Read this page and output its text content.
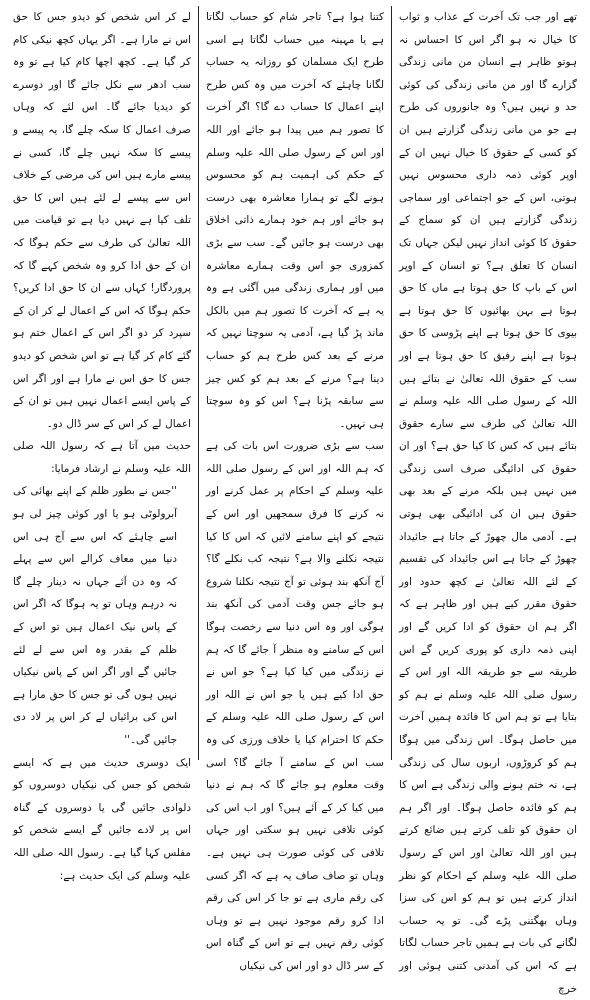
تھے اور جب تک آخرت کے عذاب و ثواب کا خیال نہ ہو اگر اس کا احساس نہ ہوتو ظاہر ہے انسان من مانی زندگی گزارے گا اور من مانی زندگی کی کوئی حد و نہیں ہیں؟ وہ جانوروں کی طرح ہے جو من مانی زندگی گزارتے ہیں ان کو کسی کے حقوق کا خیال نہیں ان کے اوپر کوئی ذمہ داری محسوس نہیں ہوتی، اس کے جو اجتماعی اور سماجی زندگی گزارتے ہیں ان کو سماج کے حقوق کا کوئی انداز نہیں لیکن جہاں تک انسان کا تعلق ہے؟ تو انسان کے اوپر اس کے باپ کا حق ہوتا ہے ماں کا حق ہوتا ہے بہن بھائیوں کا حق ہوتا ہے بیوی کا حق ہوتا ہے اپنے پڑوسی کا حق ہوتا ہے اپنے رفیق کا حق ہوتا ہے اور سب کے حقوق اللہ تعالیٰ نے بتائے ہیں اللہ کے رسول صلی اللہ علیہ وسلم نے اللہ تعالیٰ کی طرف سے سارے حقوق بتائے ہیں کہ کس کا کیا حق ہے؟ اور ان حقوق کی ادائیگی صرف اسی زندگی میں نہیں ہیں بلکہ مرنے کے بعد بھی حقوق ہیں ان کی ادائیگی بھی ہوتی ہے۔ آدمی مال چھوڑ کے جاتا ہے جائیداد چھوڑ کے جاتا ہے اس جائیداد کی تقسیم کے لئے اللہ تعالیٰ نے کچھ حدود اور حقوق مقرر کیے ہیں اور ظاہر ہے کہ اگر ہم ان حقوق کو ادا کریں گے اور اپنی ذمہ داری کو پوری کریں گے اس طریقہ سے جو طریقہ اللہ اور اس کے رسول صلی اللہ علیہ وسلم نے ہم کو بتایا ہے تو ہم اس کا فائدہ ہمیں آخرت میں حاصل ہوگا۔ اس زندگی میں ہوگا ہم کو کروڑوں، اربوں سال کی زندگی ہے، نہ ختم ہونے والی زندگی ہے اس کا ہم کو فائدہ حاصل ہوگا۔ اور اگر ہم ان حقوق کو تلف کرتے ہیں ضائع کرتے ہیں اور اللہ تعالیٰ اور اس کے رسول صلی اللہ علیہ وسلم کے احکام کو نظر انداز کرتے ہیں تو ہم کو اس کی سزا وہاں بھگتنی پڑے گی۔ تو یہ حساب لگانے کی بات ہے ہمیں تاجر حساب لگاتا ہے کہ اس کی آمدنی کتنی ہوئی اور خرچ

کتنا ہوا ہے؟ تاجر شام کو حساب لگاتا ہے یا مہینہ میں حساب لگاتا ہے اسی طرح ایک مسلمان کو روزانہ یہ حساب لگانا چاہئے کہ آخرت میں وہ کس طرح اپنے اعمال کا حساب دے گا؟ اگر آخرت کا تصور ہم میں پیدا ہو جائے اور اللہ اور اس کے رسول صلی اللہ علیہ وسلم کے حکم کی اہمیت ہم کو محسوس ہونے لگے تو ہمارا معاشرہ بھی درست ہو جائے اور ہم خود ہمارے ذاتی اخلاق بھی درست ہو جائیں گے۔ سب سے بڑی کمزوری جو اس وقت ہمارے معاشرہ میں اور ہماری زندگی میں آگئی ہے وہ یہ ہے کہ آخرت کا تصور ہم میں بالکل ماند پڑ گیا ہے، آدمی یہ سوچتا نہیں کہ مرنے کے بعد کس طرح ہم کو حساب دینا ہے؟ مرنے کے بعد ہم کو کس چیز سے سابقہ پڑنا ہے؟ اس کو وہ سوچتا ہی نہیں۔

سب سے بڑی ضرورت اس بات کی ہے کہ ہم اللہ اور اس کے رسول صلی اللہ علیہ وسلم کے احکام پر عمل کرنے اور نہ کرنے کا فرق سمجھیں اور اس کے نتیجے کو اپنے سامنے لائیں کہ اس کا کیا نتیجہ نکلنے والا ہے؟ نتیجہ کب نکلے گا؟ آج آنکھ بند ہوئی تو آج نتیجہ نکلنا شروع ہو جائے جس وقت آدمی کی آنکھ بند ہوگی اور وہ اس دنیا سے رخصت ہوگا اس کے سامنے وہ منظر آ جائے گا کہ ہم نے زندگی میں کیا کیا ہے؟ جو اس نے حق ادا کیے ہیں یا جو اس نے اللہ اور اس کے رسول صلی اللہ علیہ وسلم کے حکم کا احترام کیا یا خلاف ورزی کی وہ سب اس کے سامنے آ جائے گا؟ اسی وقت معلوم ہو جائے گا کہ ہم نے دنیا میں کیا کر کے آئے ہیں؟ اور اب اس کی کوئی تلافی نہیں ہو سکتی اور جہاں تلافی کی کوئی صورت ہی نہیں ہے۔ وہاں تو صاف صاف یہ ہے کہ اگر کسی کی رقم ماری ہے تو جا کر اس کی رقم ادا کرو رقم موجود نہیں ہے تو وہاں کوئی رقم نہیں ہے تو اس کے گناہ اس کے سر ڈال دو اور اس کی نیکیاں

لے کر اس شخص کو دیدو جس کا حق اس نے مارا ہے۔ اگر یہاں کچھ نیکی کام کر گیا ہے۔ کچھ اچھا کام کیا ہے تو وہ سب ادھر سے نکل جائے گا اور دوسرے کو دیدیا جائے گا۔ اس لئے کہ وہاں صرف اعمال کا سکہ چلے گا، یہ پیسے و پیسے کا سکہ نہیں چلے گا، کسی نے پیسے مارے ہیں اس کی مرضی کے خلاف اس سے پیسے لے لئے ہیں اس کا حق تلف کیا ہے نہیں دیا ہے تو قیامت میں اللہ تعالیٰ کی طرف سے حکم ہوگا کہ ان کے حق ادا کرو وہ شخص کہے گا کہ پروردگار! کہاں سے ان کا حق ادا کریں؟ حکم ہوگا کہ اس کے اعمال لے کر ان کے سپرد کر دو اگر اس کے اعمال ختم ہو گئے کام کر گیا ہے تو اس شخص کو دیدو جس کا حق اس نے مارا ہے اور اگر اس کے پاس ایسے اعمال نہیں ہیں تو ان کے اعمال لے کر اس کے سر ڈال دو۔

حدیث میں آتا ہے کہ رسول اللہ صلی اللہ علیہ وسلم نے ارشاد فرمایا:

''جس نے بطور ظلم کے اپنے بھائی کی آبرولوٹی ہو یا اور کوئی چیز لی ہو اسے چاہئے کہ اس سے آج ہی اس دنیا میں معاف کرالے اس سے پہلے کہ وہ دن آئے جہاں نہ دینار چلے گا نہ درہم وہاں تو یہ ہوگا کہ اگر اس کے پاس نیک اعمال ہیں تو اس کے ظلم کے بقدر وہ اس سے لے لئے جائیں گے اور اگر اس کے پاس نیکیاں نہیں ہوں گی تو جس کا حق مارا ہے اس کی برائیاں لے کر اس پر لاد دی جائیں گی۔''

ایک دوسری حدیث میں ہے کہ ایسے شخص کو جس کی نیکیاں دوسروں کو دلوادی جائیں گی یا دوسروں کے گناہ اس پر لادے جائیں گے ایسے شخص کو مفلس کہا گیا ہے۔ رسول اللہ صلی اللہ علیہ وسلم کی ایک حدیث ہے:
